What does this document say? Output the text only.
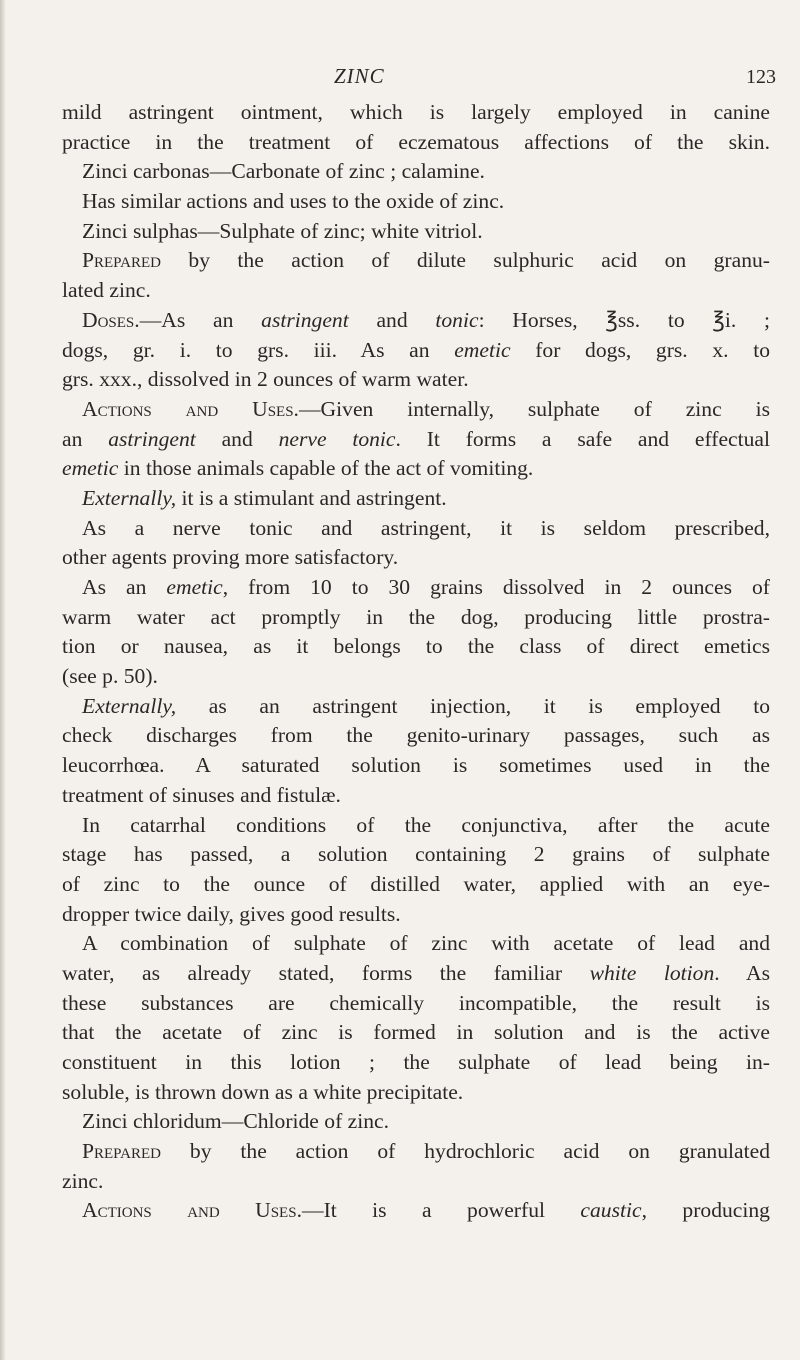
ZINC	123
mild astringent ointment, which is largely employed in canine
practice in the treatment of eczematous affections of the skin.
Zinci carbonas—Carbonate of zinc ; calamine.
Has similar actions and uses to the oxide of zinc.
Zinci sulphas—Sulphate of zinc; white vitriol.
Prepared by the action of dilute sulphuric acid on granu-
lated zinc.
Doses.—As an astringent and tonic: Horses, ℥ss. to ℥i. ;
dogs, gr. i. to grs. iii. As an emetic for dogs, grs. x. to
grs. xxx., dissolved in 2 ounces of warm water.
Actions and Uses.—Given internally, sulphate of zinc is
an astringent and nerve tonic. It forms a safe and effectual
emetic in those animals capable of the act of vomiting.
Externally, it is a stimulant and astringent.
As a nerve tonic and astringent, it is seldom prescribed,
other agents proving more satisfactory.
As an emetic, from 10 to 30 grains dissolved in 2 ounces of
warm water act promptly in the dog, producing little prostra-
tion or nausea, as it belongs to the class of direct emetics
(see p. 50).
Externally, as an astringent injection, it is employed to
check discharges from the genito-urinary passages, such as
leucorrhœa. A saturated solution is sometimes used in the
treatment of sinuses and fistulæ.
In catarrhal conditions of the conjunctiva, after the acute
stage has passed, a solution containing 2 grains of sulphate
of zinc to the ounce of distilled water, applied with an eye-
dropper twice daily, gives good results.
A combination of sulphate of zinc with acetate of lead and
water, as already stated, forms the familiar white lotion. As
these substances are chemically incompatible, the result is
that the acetate of zinc is formed in solution and is the active
constituent in this lotion ; the sulphate of lead being in-
soluble, is thrown down as a white precipitate.
Zinci chloridum—Chloride of zinc.
Prepared by the action of hydrochloric acid on granulated
zinc.
Actions and Uses.—It is a powerful caustic, producing
